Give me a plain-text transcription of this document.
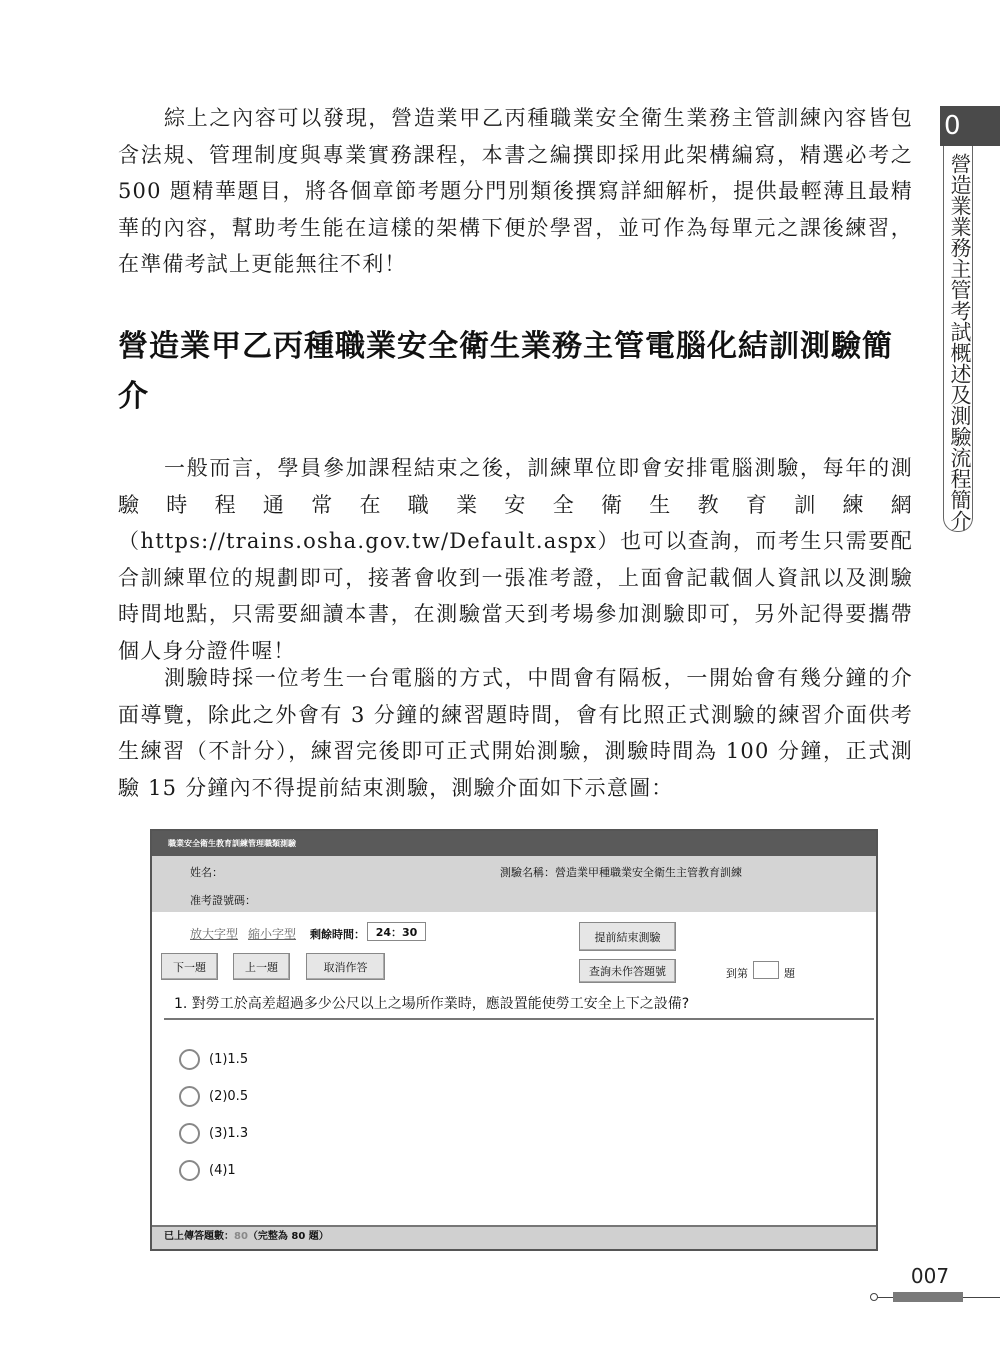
0
營造業業務主管考試概述及測驗流程簡介

綜上之內容可以發現，營造業甲乙丙種職業安全衛生業務主管訓練內容皆包含法規、管理制度與專業實務課程，本書之編撰即採用此架構編寫，精選必考之 500 題精華題目，將各個章節考題分門別類後撰寫詳細解析，提供最輕薄且最精華的內容，幫助考生能在這樣的架構下便於學習，並可作為每單元之課後練習，在準備考試上更能無往不利！

營造業甲乙丙種職業安全衛生業務主管電腦化結訓測驗簡介

一般而言，學員參加課程結束之後，訓練單位即會安排電腦測驗，每年的測驗時程通常在職業安全衛生教育訓練網（https://trains.osha.gov.tw/Default.aspx）也可以查詢，而考生只需要配合訓練單位的規劃即可，接著會收到一張准考證，上面會記載個人資訊以及測驗時間地點，只需要細讀本書，在測驗當天到考場參加測驗即可，另外記得要攜帶個人身分證件喔！

測驗時採一位考生一台電腦的方式，中間會有隔板，一開始會有幾分鐘的介面導覽，除此之外會有 3 分鐘的練習題時間，會有比照正式測驗的練習介面供考生練習（不計分），練習完後即可正式開始測驗，測驗時間為 100 分鐘，正式測驗 15 分鐘內不得提前結束測驗，測驗介面如下示意圖：

職業安全衛生教育訓練管理職類測驗
姓名：	測驗名稱：營造業甲種職業安全衛生主管教育訓練
准考證號碼：
放大字型 縮小字型 剩餘時間： 24：30	提前結束測驗
下一題	上一題	取消作答	查詢未作答題號	到第	題
1. 對勞工於高差超過多少公尺以上之場所作業時，應設置能使勞工安全上下之設備?
(1)1.5
(2)0.5
(3)1.3
(4)1
已上傳答題數：80（完整為 80 題）
007
